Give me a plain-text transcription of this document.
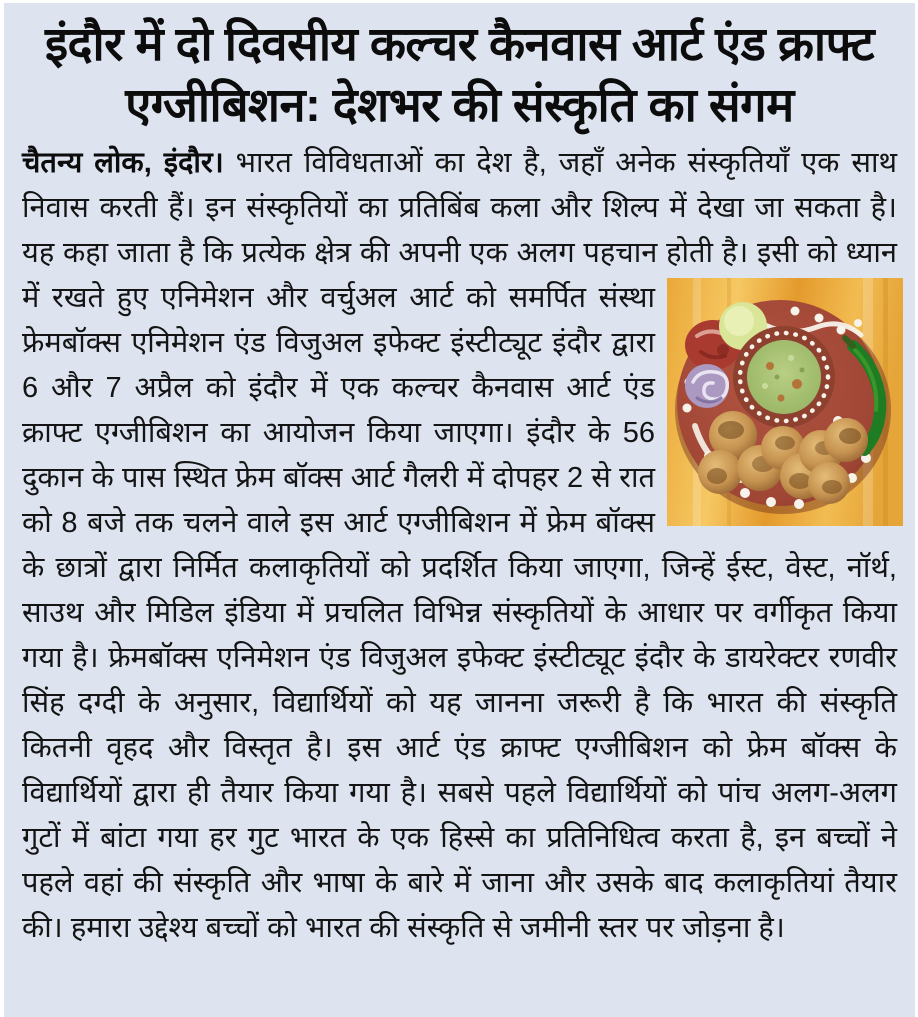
इंदौर में दो दिवसीय कल्चर कैनवास आर्ट एंड क्राफ्ट
एग्जीबिशन: देशभर की संस्कृति का संगम

चैतन्य लोक, इंदौर। भारत विविधताओं का देश है, जहाँ अनेक संस्कृतियाँ एक साथ निवास करती हैं। इन संस्कृतियों का प्रतिबिंब कला और शिल्प में देखा जा सकता है। यह कहा जाता है कि प्रत्येक क्षेत्र की अपनी एक अलग पहचान होती है। इसी को ध्यान में रखते हुए एनिमेशन और वर्चुअल आर्ट को समर्पित संस्था फ्रेमबॉक्स एनिमेशन एंड विजुअल इफेक्ट इंस्टीट्यूट इंदौर द्वारा 6 और 7 अप्रैल को इंदौर में एक कल्चर कैनवास आर्ट एंड क्राफ्ट एग्जीबिशन का आयोजन किया जाएगा। इंदौर के 56 दुकान के पास स्थित फ्रेम बॉक्स आर्ट गैलरी में दोपहर 2 से रात को 8 बजे तक चलने वाले इस आर्ट एग्जीबिशन में फ्रेम बॉक्स के छात्रों द्वारा निर्मित कलाकृतियों को प्रदर्शित किया जाएगा, जिन्हें ईस्ट, वेस्ट, नॉर्थ, साउथ और मिडिल इंडिया में प्रचलित विभिन्न संस्कृतियों के आधार पर वर्गीकृत किया गया है। फ्रेमबॉक्स एनिमेशन एंड विजुअल इफेक्ट इंस्टीट्यूट इंदौर के डायरेक्टर रणवीर सिंह दग्दी के अनुसार, विद्यार्थियों को यह जानना जरूरी है कि भारत की संस्कृति कितनी वृहद और विस्तृत है। इस आर्ट एंड क्राफ्ट एग्जीबिशन को फ्रेम बॉक्स के विद्यार्थियों द्वारा ही तैयार किया गया है। सबसे पहले विद्यार्थियों को पांच अलग-अलग गुटों में बांटा गया हर गुट भारत के एक हिस्से का प्रतिनिधित्व करता है, इन बच्चों ने पहले वहां की संस्कृति और भाषा के बारे में जाना और उसके बाद कलाकृतियां तैयार की। हमारा उद्देश्य बच्चों को भारत की संस्कृति से जमीनी स्तर पर जोड़ना है।
